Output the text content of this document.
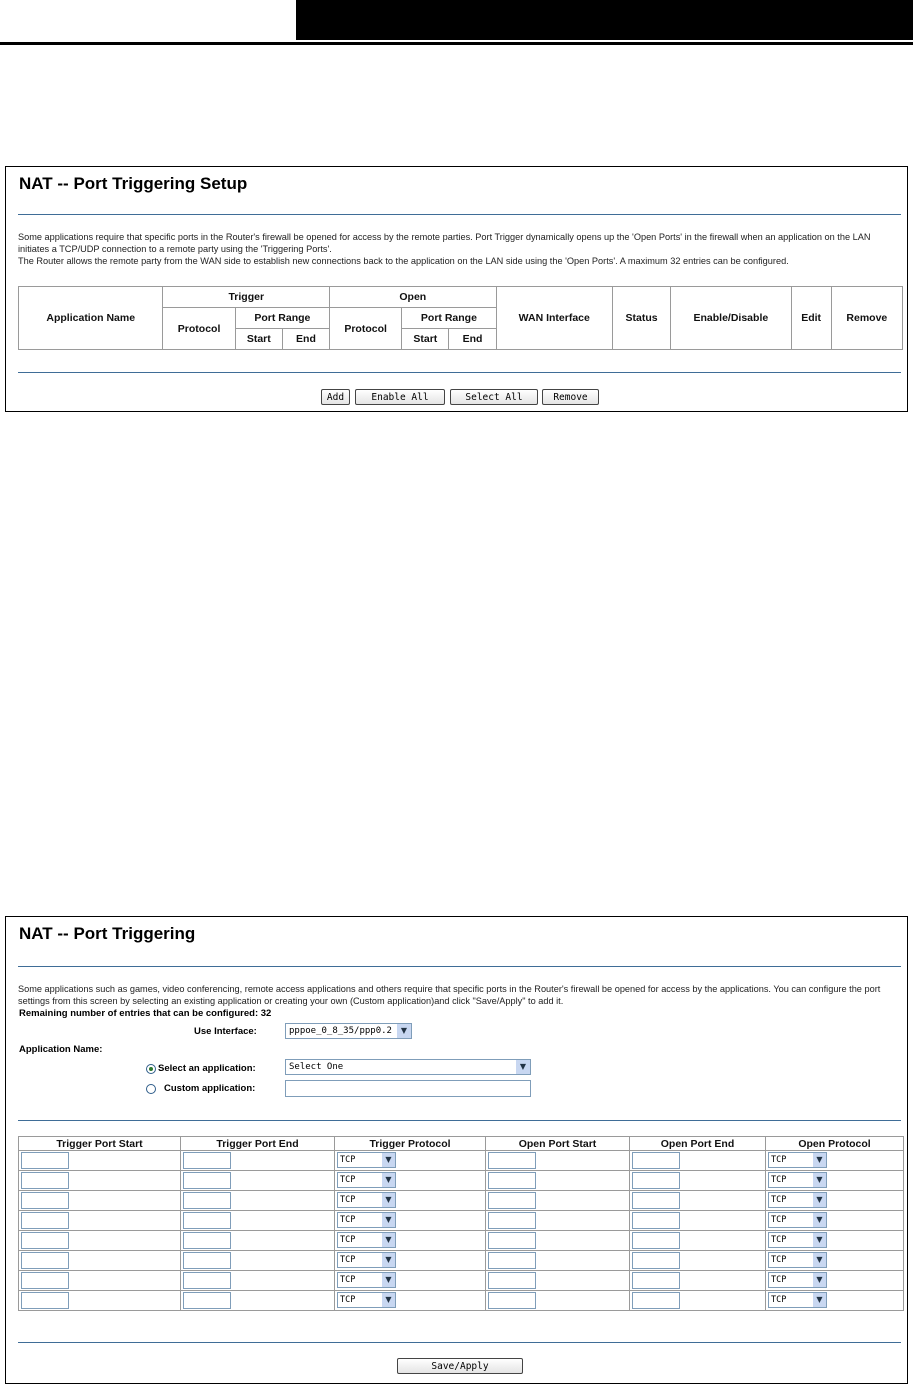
NAT -- Port Triggering Setup
Some applications require that specific ports in the Router's firewall be opened for access by the remote parties. Port Trigger dynamically opens up the 'Open Ports' in the firewall when an application on the LAN initiates a TCP/UDP connection to a remote party using the 'Triggering Ports'.
The Router allows the remote party from the WAN side to establish new connections back to the application on the LAN side using the 'Open Ports'. A maximum 32 entries can be configured.
Application Name	Trigger			Open			WAN Interface	Status	Enable/Disable	Edit	Remove
	Protocol	Port Range		Protocol	Port Range						
		Start	End		Start	End					

Add	Enable All	Select All	Remove
NAT -- Port Triggering
Some applications such as games, video conferencing, remote access applications and others require that specific ports in the Router's firewall be opened for access by the applications. You can configure the port settings from this screen by selecting an existing application or creating your own (Custom application)and click "Save/Apply" to add it.
Remaining number of entries that can be configured: 32
Use Interface:	pppoe_0_8_35/ppp0.2	▼
Application Name:
Select an application:	Select One	▼
Custom application:
Trigger Port Start	Trigger Port End	Trigger Protocol	Open Port Start	Open Port End	Open Protocol

		TCP ▼			TCP ▼

		TCP ▼			TCP ▼

		TCP ▼			TCP ▼

		TCP ▼			TCP ▼

		TCP ▼			TCP ▼

		TCP ▼			TCP ▼

		TCP ▼			TCP ▼

		TCP ▼			TCP ▼
Save/Apply
